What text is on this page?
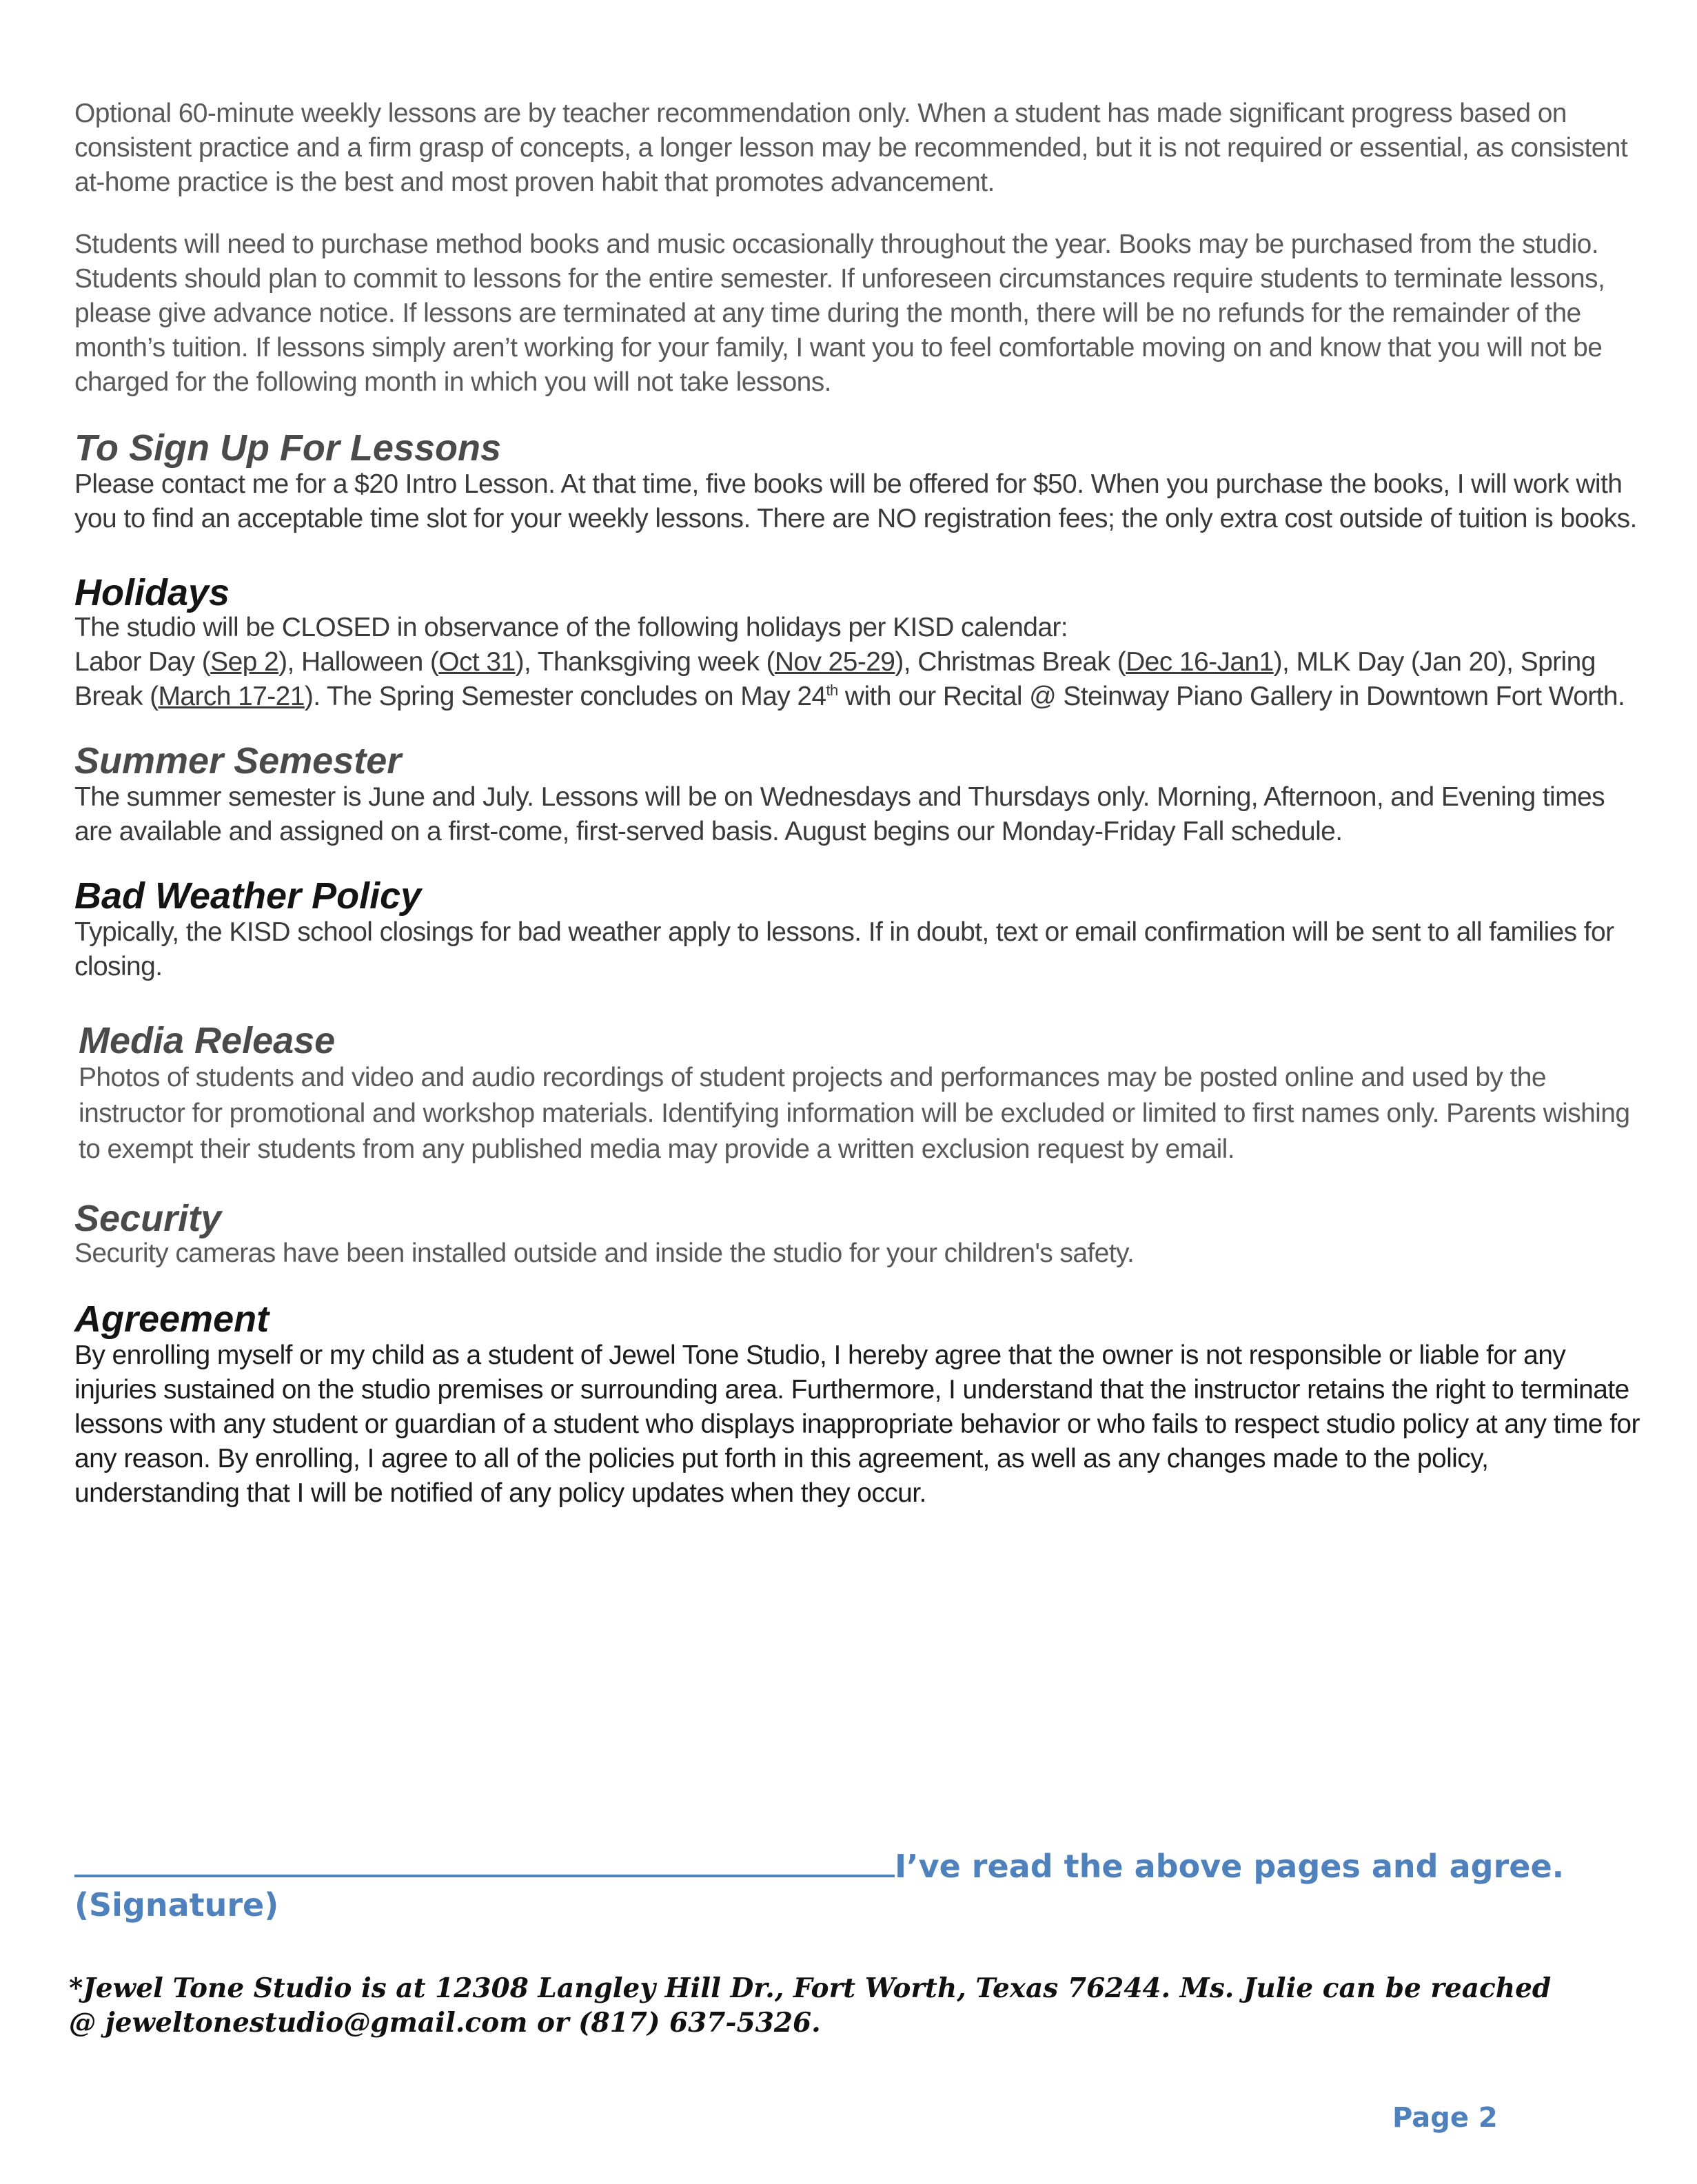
Optional 60-minute weekly lessons are by teacher recommendation only. When a student has made significant progress based on consistent practice and a firm grasp of concepts, a longer lesson may be recommended, but it is not required or essential, as consistent at-home practice is the best and most proven habit that promotes advancement.

Students will need to purchase method books and music occasionally throughout the year. Books may be purchased from the studio. Students should plan to commit to lessons for the entire semester. If unforeseen circumstances require students to terminate lessons, please give advance notice. If lessons are terminated at any time during the month, there will be no refunds for the remainder of the month’s tuition. If lessons simply aren’t working for your family, I want you to feel comfortable moving on and know that you will not be charged for the following month in which you will not take lessons.

To Sign Up For Lessons

Please contact me for a $20 Intro Lesson. At that time, five books will be offered for $50. When you purchase the books, I will work with you to find an acceptable time slot for your weekly lessons. There are NO registration fees; the only extra cost outside of tuition is books.

Holidays

The studio will be CLOSED in observance of the following holidays per KISD calendar:

Labor Day (Sep 2), Halloween (Oct 31), Thanksgiving week (Nov 25-29), Christmas Break (Dec 16-Jan1), MLK Day (Jan 20), Spring Break (March 17-21). The Spring Semester concludes on May 24th with our Recital @ Steinway Piano Gallery in Downtown Fort Worth.

Summer Semester

The summer semester is June and July. Lessons will be on Wednesdays and Thursdays only. Morning, Afternoon, and Evening times are available and assigned on a first-come, first-served basis. August begins our Monday-Friday Fall schedule.

Bad Weather Policy

Typically, the KISD school closings for bad weather apply to lessons. If in doubt, text or email confirmation will be sent to all families for closing.

Media Release

Photos of students and video and audio recordings of student projects and performances may be posted online and used by the instructor for promotional and workshop materials. Identifying information will be excluded or limited to first names only. Parents wishing to exempt their students from any published media may provide a written exclusion request by email.

Security

Security cameras have been installed outside and inside the studio for your children's safety.

Agreement

By enrolling myself or my child as a student of Jewel Tone Studio, I hereby agree that the owner is not responsible or liable for any injuries sustained on the studio premises or surrounding area. Furthermore, I understand that the instructor retains the right to terminate lessons with any student or guardian of a student who displays inappropriate behavior or who fails to respect studio policy at any time for any reason. By enrolling, I agree to all of the policies put forth in this agreement, as well as any changes made to the policy, understanding that I will be notified of any policy updates when they occur.

I’ve read the above pages and agree.
(Signature)
*Jewel Tone Studio is at 12308 Langley Hill Dr., Fort Worth, Texas 76244. Ms. Julie can be reached @ jeweltonestudio@gmail.com or (817) 637-5326.
Page 2
